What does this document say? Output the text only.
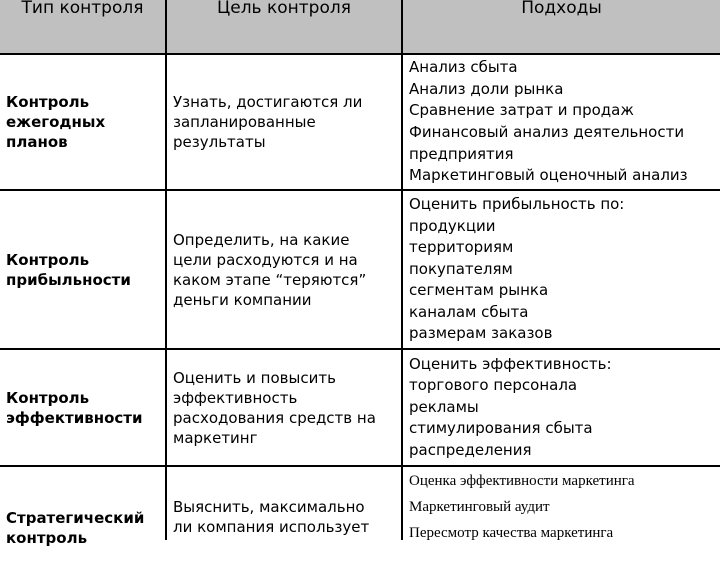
Тип контроля	Цель контроля	Подходы
Контроль
ежегодных
планов
Узнать, достигаются ли
запланированные
результаты
Анализ сбыта
Анализ доли рынка
Сравнение затрат и продаж
Финансовый анализ деятельности
предприятия
Маркетинговый оценочный анализ
Контроль
прибыльности
Определить, на какие
цели расходуются и на
каком этапе “теряются”
деньги компании
Оценить прибыльность по:
продукции
территориям
покупателям
сегментам рынка
каналам сбыта
размерам заказов
Контроль
эффективности
Оценить и повысить
эффективность
расходования средств на
маркетинг
Оценить эффективность:
торгового персонала
рекламы
стимулирования сбыта
распределения
Стратегический
контроль
Выяснить, максимально
ли компания использует
Оценка эффективности маркетинга
Маркетинговый аудит
Пересмотр качества маркетинга
